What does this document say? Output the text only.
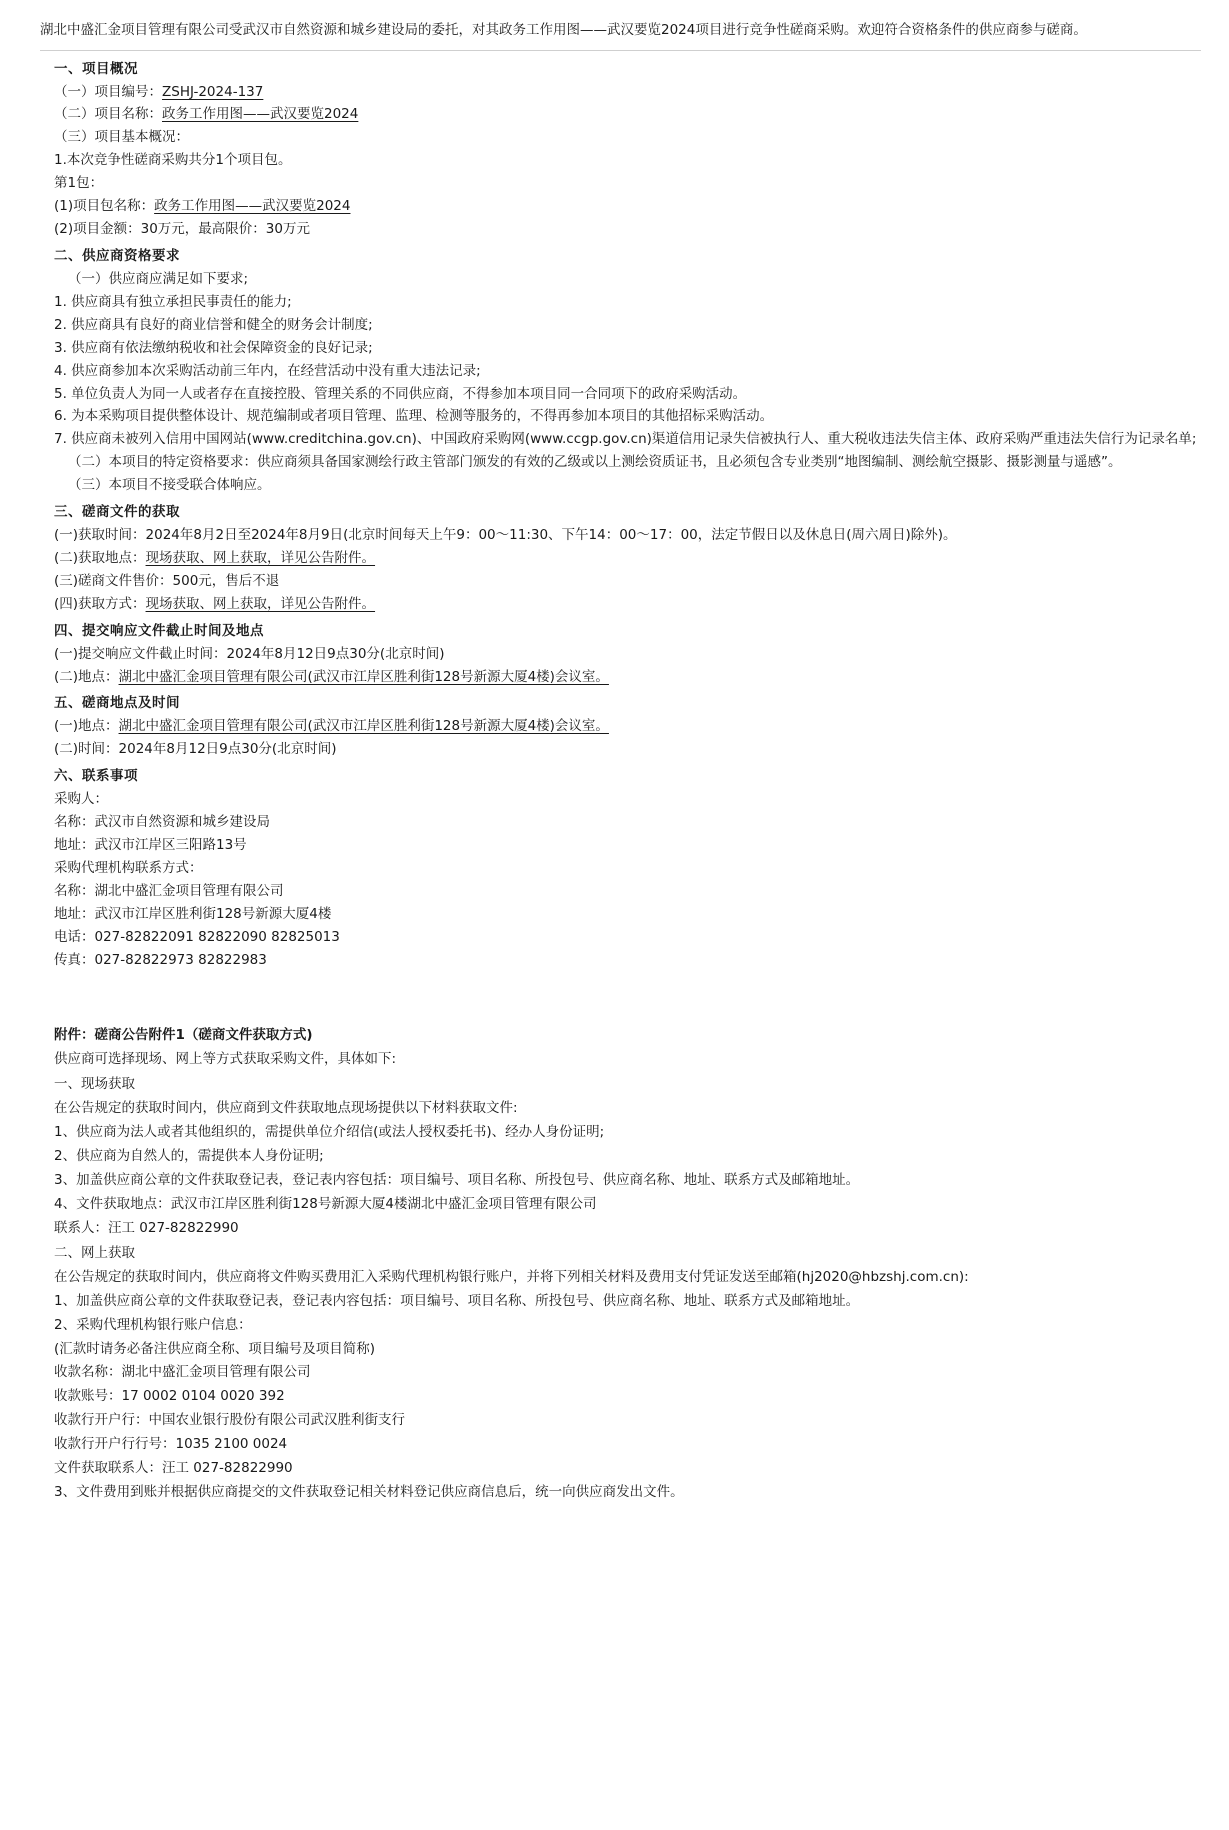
湖北中盛汇金项目管理有限公司受武汉市自然资源和城乡建设局的委托，对其政务工作用图——武汉要览2024项目进行竞争性磋商采购。欢迎符合资格条件的供应商参与磋商。

一、项目概况
（一）项目编号：ZSHJ-2024-137
（二）项目名称：政务工作用图——武汉要览2024
（三）项目基本概况：
1.本次竞争性磋商采购共分1个项目包。
第1包：
(1)项目包名称：政务工作用图——武汉要览2024
(2)项目金额：30万元，最高限价：30万元
二、供应商资格要求
（一）供应商应满足如下要求;
1. 供应商具有独立承担民事责任的能力;
2. 供应商具有良好的商业信誉和健全的财务会计制度;
3. 供应商有依法缴纳税收和社会保障资金的良好记录;
4. 供应商参加本次采购活动前三年内，在经营活动中没有重大违法记录;
5. 单位负责人为同一人或者存在直接控股、管理关系的不同供应商，不得参加本项目同一合同项下的政府采购活动。
6. 为本采购项目提供整体设计、规范编制或者项目管理、监理、检测等服务的，不得再参加本项目的其他招标采购活动。
7. 供应商未被列入信用中国网站(www.creditchina.gov.cn)、中国政府采购网(www.ccgp.gov.cn)渠道信用记录失信被执行人、重大税收违法失信主体、政府采购严重违法失信行为记录名单;
（二）本项目的特定资格要求：供应商须具备国家测绘行政主管部门颁发的有效的乙级或以上测绘资质证书，且必须包含专业类别“地图编制、测绘航空摄影、摄影测量与遥感”。
（三）本项目不接受联合体响应。
三、磋商文件的获取
(一)获取时间：2024年8月2日至2024年8月9日(北京时间每天上午9：00～11:30、下午14：00～17：00，法定节假日以及休息日(周六周日)除外)。
(二)获取地点：现场获取、网上获取，详见公告附件。
(三)磋商文件售价：500元，售后不退
(四)获取方式：现场获取、网上获取，详见公告附件。
四、提交响应文件截止时间及地点
(一)提交响应文件截止时间：2024年8月12日9点30分(北京时间)
(二)地点：湖北中盛汇金项目管理有限公司(武汉市江岸区胜利街128号新源大厦4楼)会议室。
五、磋商地点及时间
(一)地点：湖北中盛汇金项目管理有限公司(武汉市江岸区胜利街128号新源大厦4楼)会议室。
(二)时间：2024年8月12日9点30分(北京时间)
六、联系事项
采购人：
名称：武汉市自然资源和城乡建设局
地址：武汉市江岸区三阳路13号
采购代理机构联系方式：
名称：湖北中盛汇金项目管理有限公司
地址：武汉市江岸区胜利街128号新源大厦4楼
电话：027-82822091 82822090 82825013
传真：027-82822973 82822983
附件：磋商公告附件1（磋商文件获取方式)
供应商可选择现场、网上等方式获取采购文件，具体如下:
一、现场获取
在公告规定的获取时间内，供应商到文件获取地点现场提供以下材料获取文件:
1、供应商为法人或者其他组织的，需提供单位介绍信(或法人授权委托书)、经办人身份证明;
2、供应商为自然人的，需提供本人身份证明;
3、加盖供应商公章的文件获取登记表，登记表内容包括：项目编号、项目名称、所投包号、供应商名称、地址、联系方式及邮箱地址。
4、文件获取地点：武汉市江岸区胜利街128号新源大厦4楼湖北中盛汇金项目管理有限公司
联系人：汪工 027-82822990
二、网上获取
在公告规定的获取时间内，供应商将文件购买费用汇入采购代理机构银行账户，并将下列相关材料及费用支付凭证发送至邮箱(hj2020@hbzshj.com.cn):
1、加盖供应商公章的文件获取登记表，登记表内容包括：项目编号、项目名称、所投包号、供应商名称、地址、联系方式及邮箱地址。
2、采购代理机构银行账户信息：
(汇款时请务必备注供应商全称、项目编号及项目简称)
收款名称：湖北中盛汇金项目管理有限公司
收款账号：17 0002 0104 0020 392
收款行开户行：中国农业银行股份有限公司武汉胜利街支行
收款行开户行行号：1035 2100 0024
文件获取联系人：汪工 027-82822990
3、文件费用到账并根据供应商提交的文件获取登记相关材料登记供应商信息后，统一向供应商发出文件。
